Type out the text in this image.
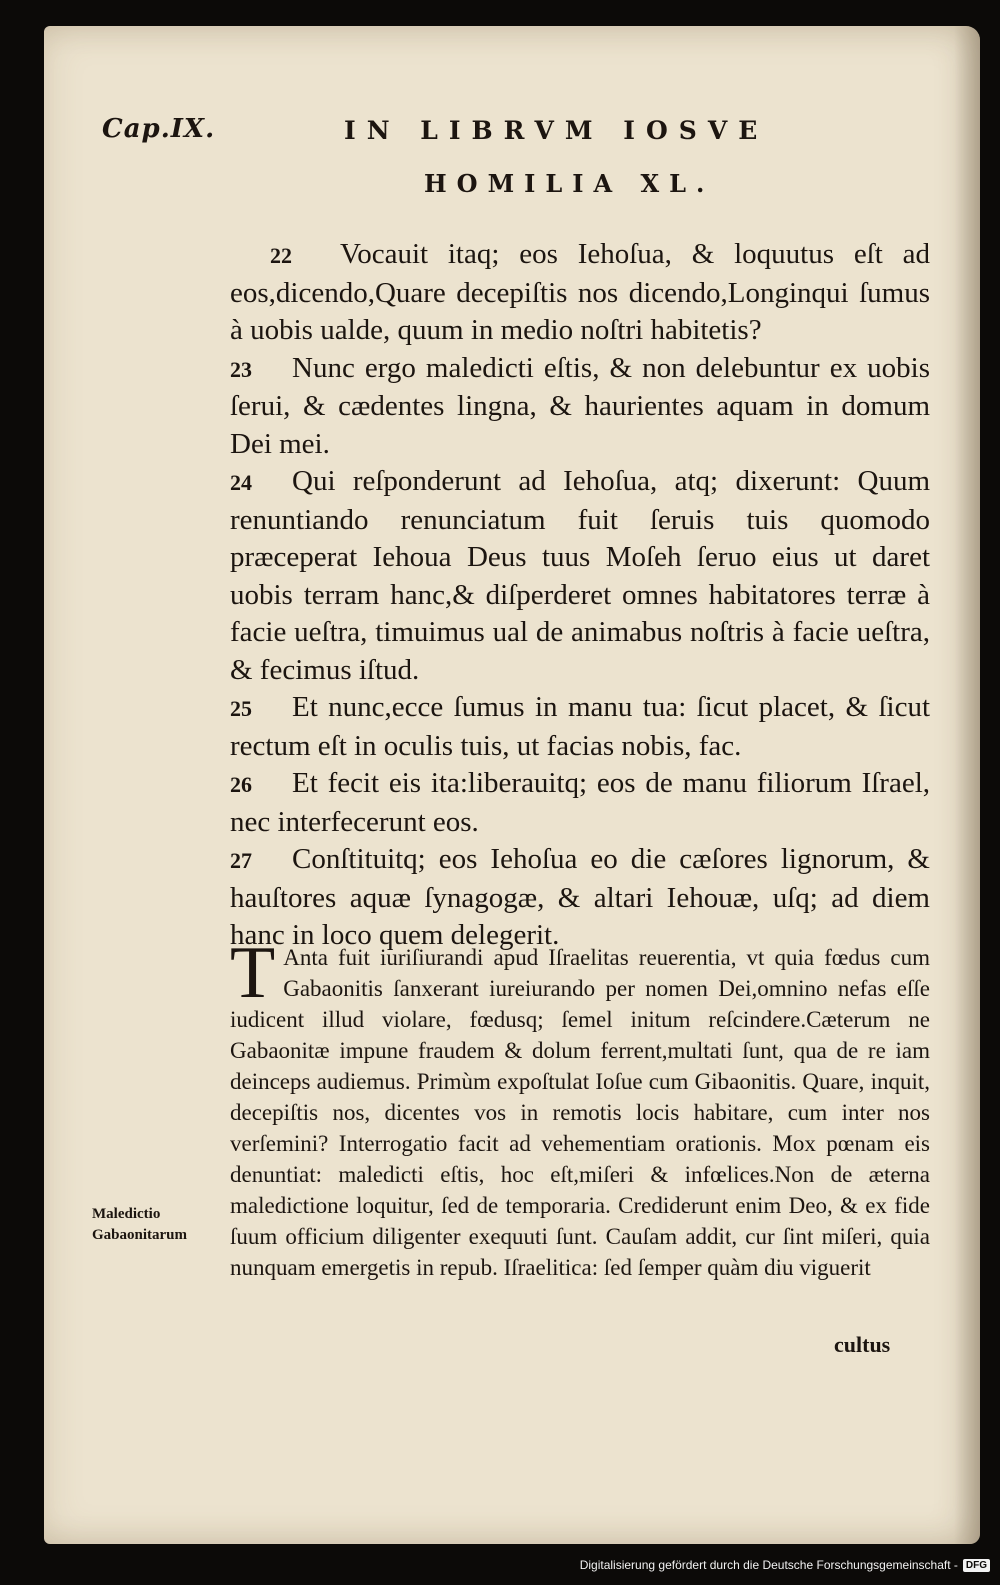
Cap.IX.	IN LIBRVM IOSVE
HOMILIA XL.

22 Vocauit itaq; eos Iehoſua, & loquutus eſt ad eos,dicendo,Quare decepiſtis nos dicendo,Longinqui ſumus à uobis ualde, quum in medio noſtri habitetis?

23 Nunc ergo maledicti eſtis, & non delebuntur ex uobis ſerui, & cædentes lingna, & haurientes aquam in domum Dei mei.

24 Qui reſponderunt ad Iehoſua, atq; dixerunt: Quum renuntiando renunciatum fuit ſeruis tuis quomodo præceperat Iehoua Deus tuus Moſeh ſeruo eius ut daret uobis terram hanc,& diſperderet omnes habitatores terræ à facie ueſtra, timuimus ual de animabus noſtris à facie ueſtra, & fecimus iſtud.

25 Et nunc,ecce ſumus in manu tua: ſicut placet, & ſicut rectum eſt in oculis tuis, ut facias nobis, fac.

26 Et fecit eis ita:liberauitq; eos de manu filiorum Iſrael, nec interfecerunt eos.

27 Conſtituitq; eos Iehoſua eo die cæſores lignorum, & hauſtores aquæ ſynagogæ, & altari Iehouæ, uſq; ad diem hanc in loco quem delegerit.

T Anta fuit iuriſiurandi apud Iſraelitas reuerentia, vt quia fœdus cum Gabaonitis ſanxerant iureiurando per nomen Dei,omnino nefas eſſe iudicent illud violare, fœdusq; ſemel initum reſcindere.Cæterum ne Gabaonitæ impune fraudem & dolum ferrent,multati ſunt, qua de re iam deinceps audiemus. Primùm expoſtulat Ioſue cum Gibaonitis. Quare, inquit, decepiſtis nos, dicentes vos in remotis locis habitare, cum inter nos verſemini? Interrogatio facit ad vehementiam orationis. Mox pœnam eis denuntiat: maledicti eſtis, hoc eſt,miſeri & infœlices.Non de æterna maledictione loquitur, ſed de temporaria. Crediderunt enim Deo, & ex fide ſuum officium diligenter exequuti ſunt. Cauſam addit, cur ſint miſeri, quia nunquam emergetis in repub. Iſraelitica: ſed ſemper quàm diu viguerit
Maledictio
Gabaonitarum
cultus
Digitalisierung gefördert durch die Deutsche Forschungsgemeinschaft - DFG
